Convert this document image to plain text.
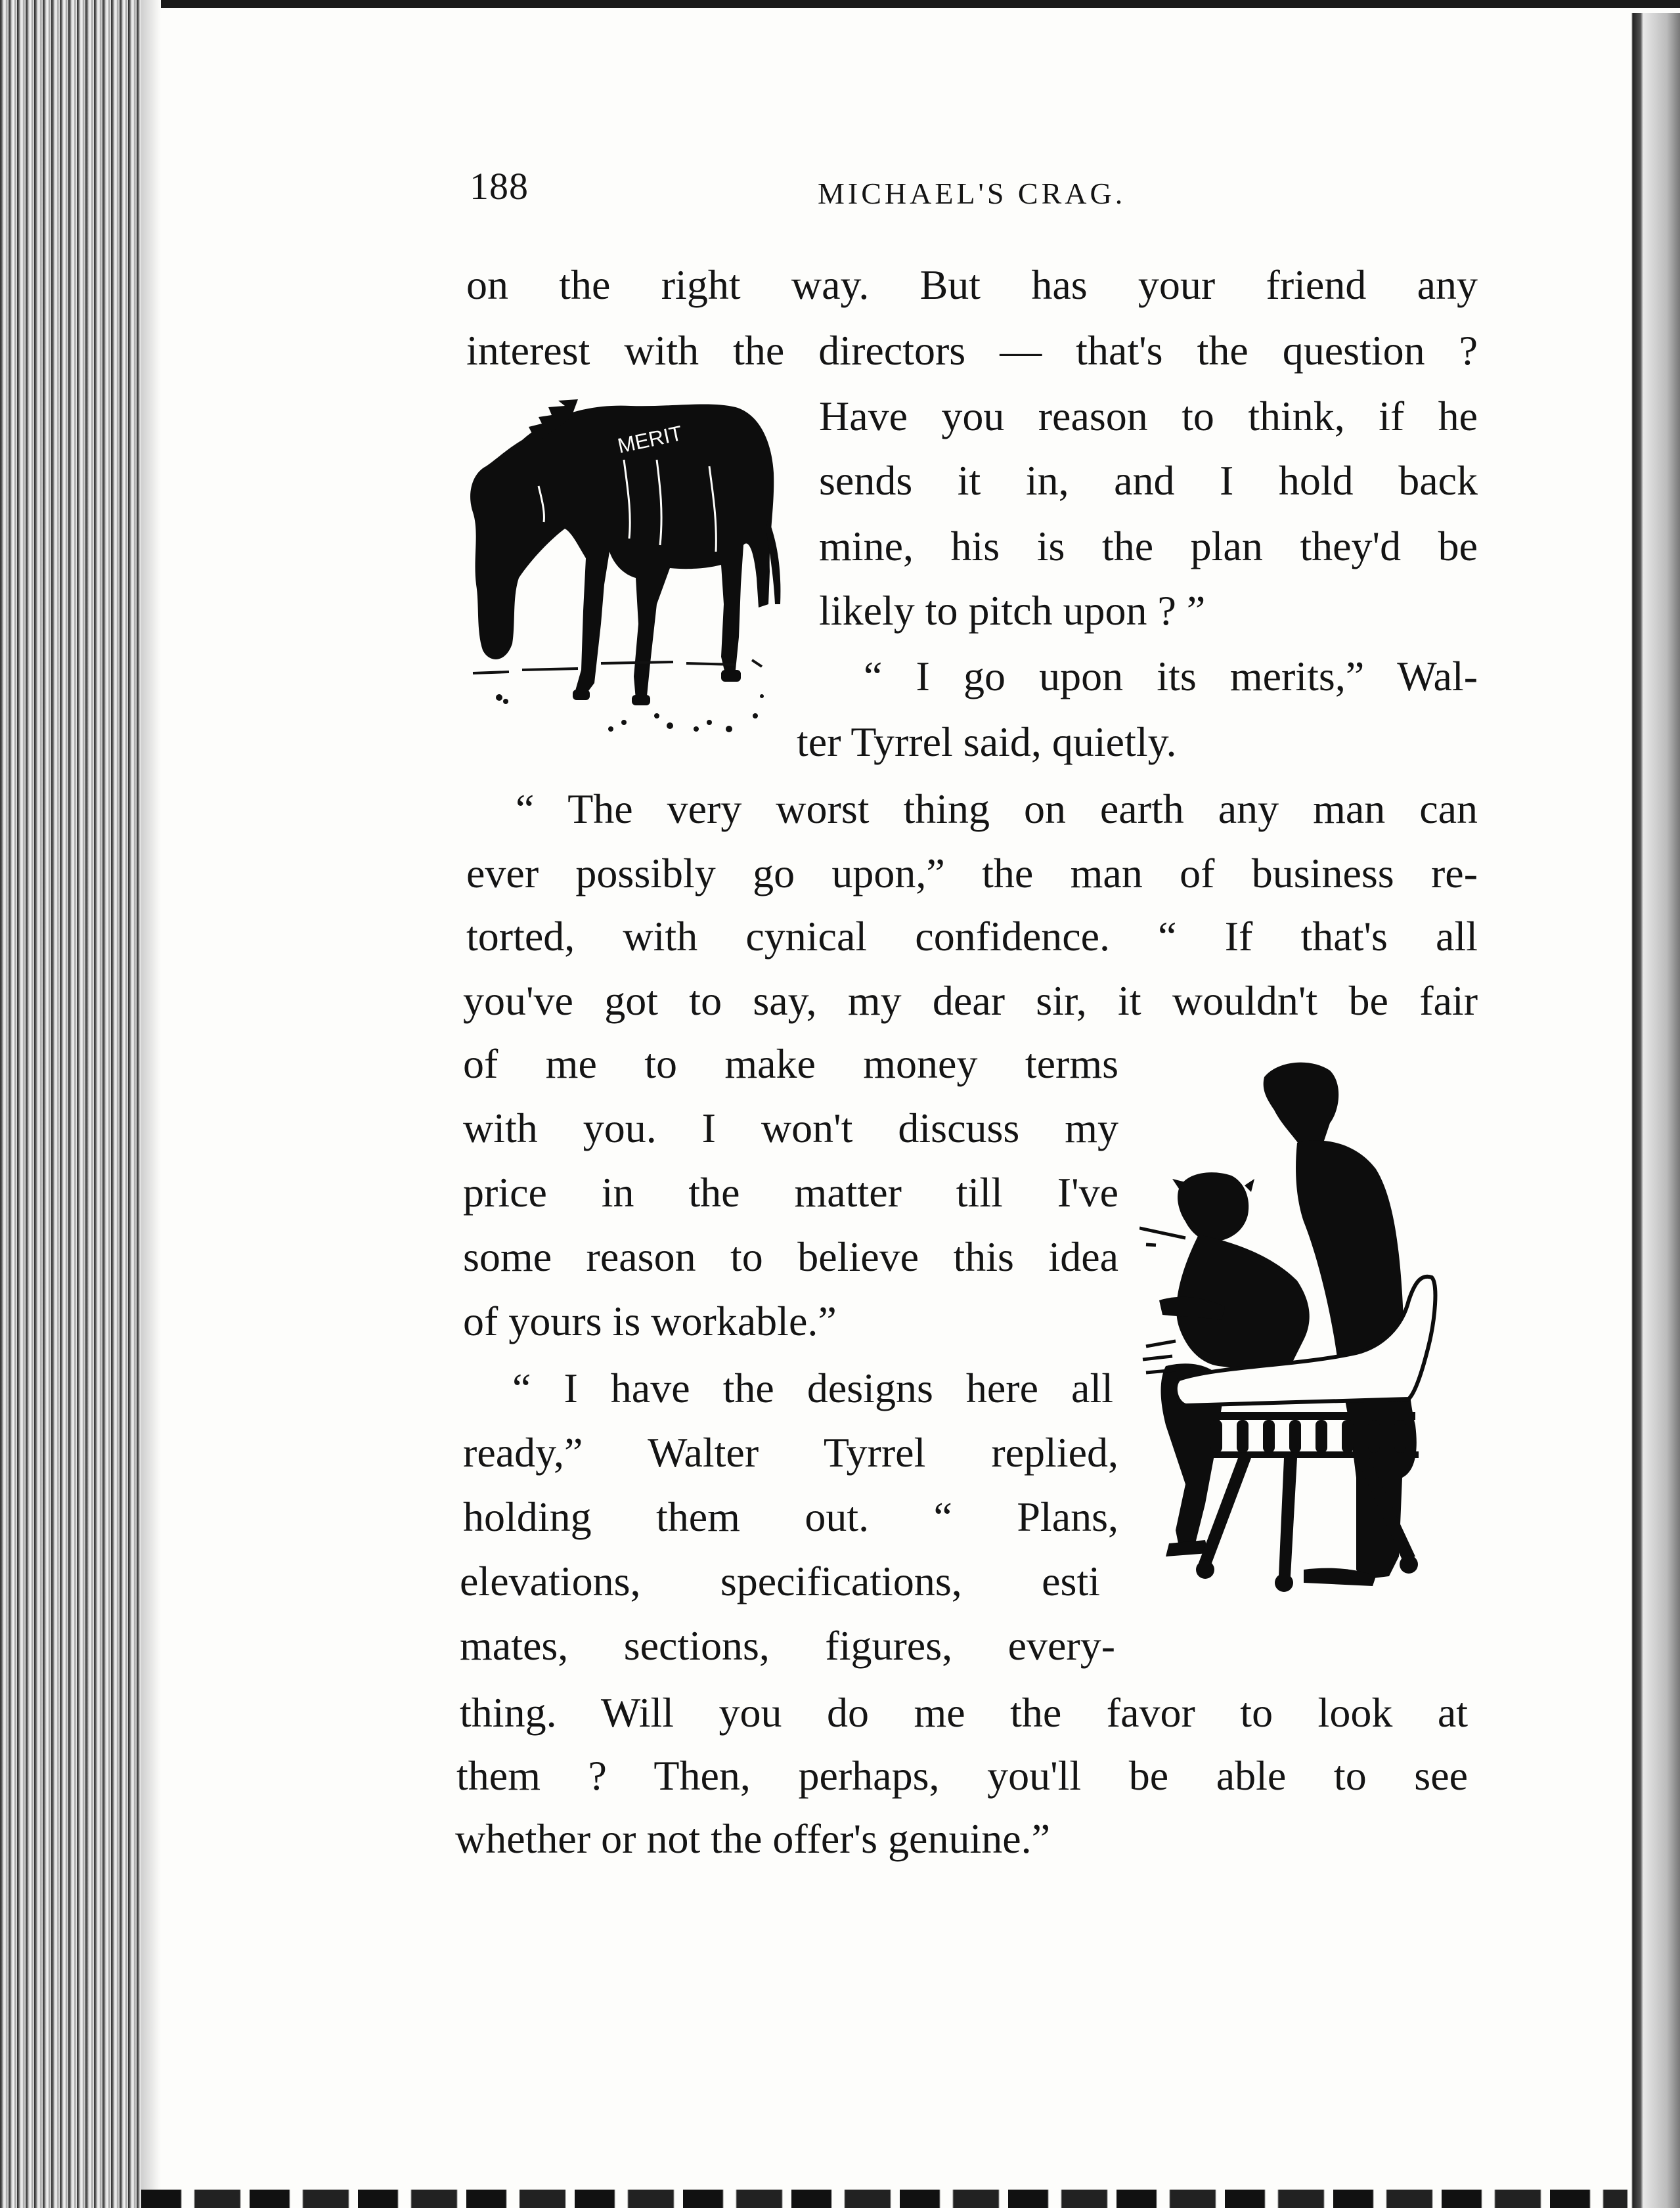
188	MICHAEL'S CRAG.
MERIT
on the right way. But has your friend any
interest with the directors — that's the question ?
Have you reason to think, if he
sends it in, and I hold back
mine, his is the plan they'd be
likely to pitch upon ? ”
“ I go upon its merits,” Wal-
ter Tyrrel said, quietly.
“ The very worst thing on earth any man can
ever possibly go upon,” the man of business re-
torted, with cynical confidence. “ If that's all
you've got to say, my dear sir, it wouldn't be fair
of me to make money terms
with you. I won't discuss my
price in the matter till I've
some reason to believe this idea
of yours is workable.”
“ I have the designs here all
ready,” Walter Tyrrel replied,
holding them out. “ Plans,
elevations, specifications, esti
mates, sections, figures, every-
thing. Will you do me the favor to look at
them ? Then, perhaps, you'll be able to see
whether or not the offer's genuine.”
